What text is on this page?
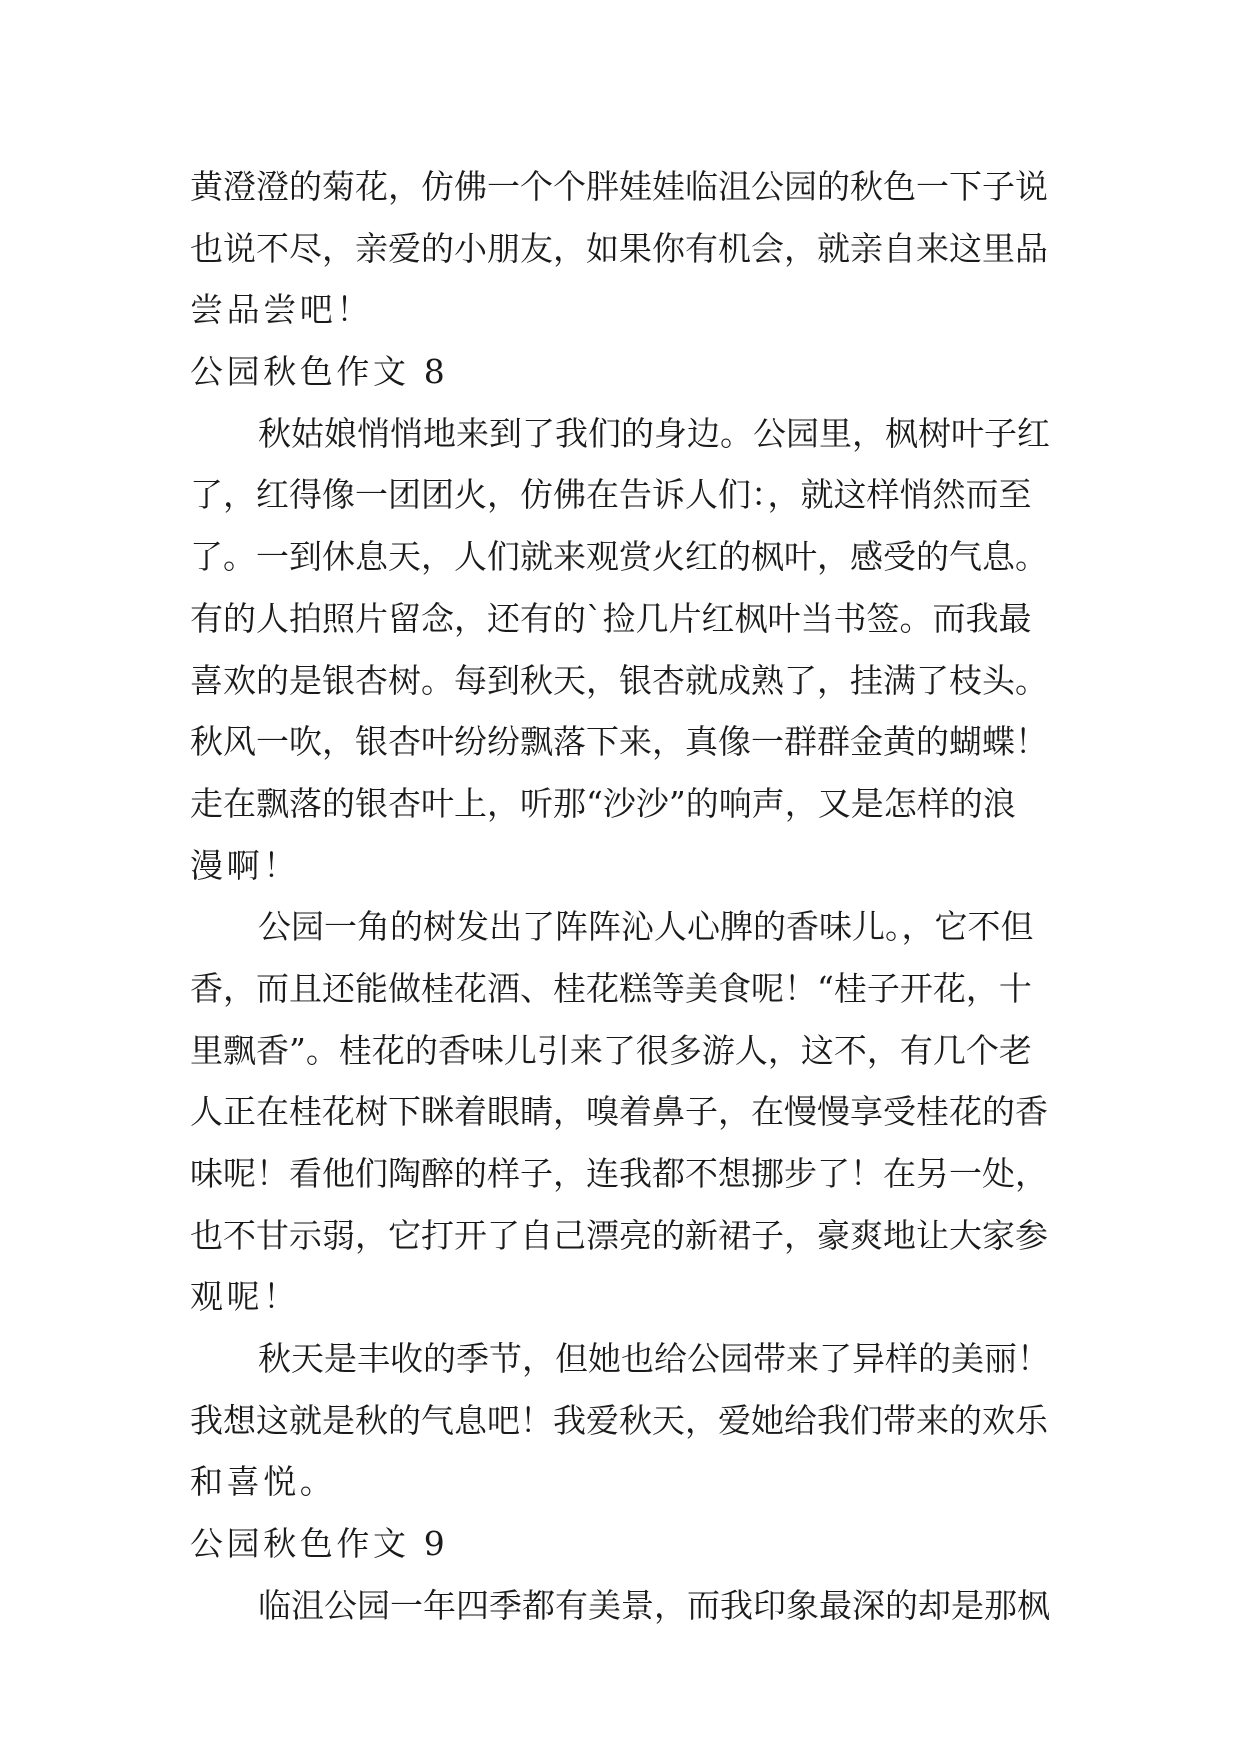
黄澄澄的菊花，仿佛一个个胖娃娃临沮公园的秋色一下子说
也说不尽，亲爱的小朋友，如果你有机会，就亲自来这里品
尝品尝吧！
公园秋色作文 8
秋姑娘悄悄地来到了我们的身边。公园里，枫树叶子红
了，红得像一团团火，仿佛在告诉人们：，就这样悄然而至
了。一到休息天，人们就来观赏火红的枫叶，感受的气息。
有的人拍照片留念，还有的`捡几片红枫叶当书签。而我最
喜欢的是银杏树。每到秋天，银杏就成熟了，挂满了枝头。
秋风一吹，银杏叶纷纷飘落下来，真像一群群金黄的蝴蝶！
走在飘落的银杏叶上，听那“沙沙”的响声，又是怎样的浪
漫啊！
公园一角的树发出了阵阵沁人心脾的香味儿。，它不但
香，而且还能做桂花酒、桂花糕等美食呢！“桂子开花，十
里飘香”。桂花的香味儿引来了很多游人，这不，有几个老
人正在桂花树下眯着眼睛，嗅着鼻子，在慢慢享受桂花的香
味呢！看他们陶醉的样子，连我都不想挪步了！在另一处，
也不甘示弱，它打开了自己漂亮的新裙子，豪爽地让大家参
观呢！
秋天是丰收的季节，但她也给公园带来了异样的美丽！
我想这就是秋的气息吧！我爱秋天，爱她给我们带来的欢乐
和喜悦。
公园秋色作文 9
临沮公园一年四季都有美景，而我印象最深的却是那枫
